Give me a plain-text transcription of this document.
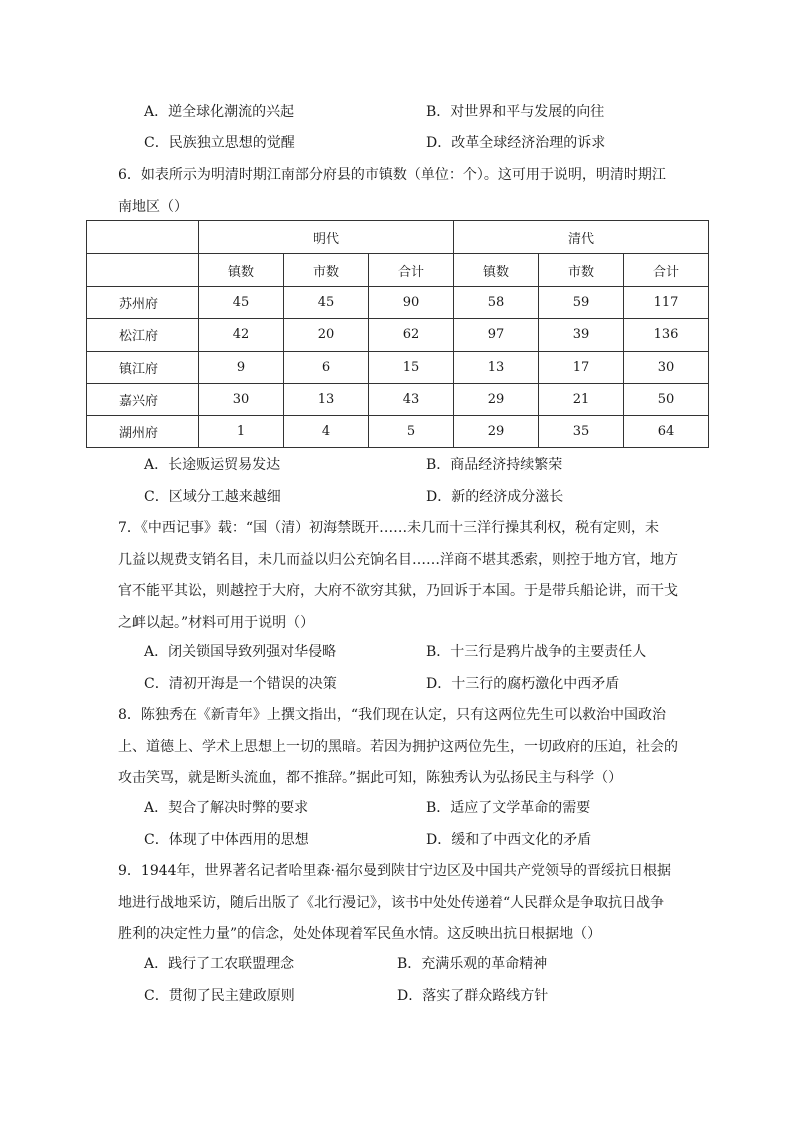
A．逆全球化潮流的兴起	B．对世界和平与发展的向往
C．民族独立思想的觉醒	D．改革全球经济治理的诉求
6．如表所示为明清时期江南部分府县的市镇数（单位：个）。这可用于说明，明清时期江
南地区（）
	明代			清代		
	镇数	市数	合计	镇数	市数	合计
苏州府	45	45	90	58	59	117
松江府	42	20	62	97	39	136
镇江府	9	6	15	13	17	30
嘉兴府	30	13	43	29	21	50
湖州府	1	4	5	29	35	64
A．长途贩运贸易发达	B．商品经济持续繁荣
C．区域分工越来越细	D．新的经济成分滋长
7．《中西记事》载：“国（清）初海禁既开……未几而十三洋行操其利权，税有定则，未
几益以规费支销名目，未几而益以归公充饷名目……洋商不堪其悉索，则控于地方官，地方
官不能平其讼，则越控于大府，大府不欲穷其狱，乃回诉于本国。于是带兵船论讲，而干戈
之衅以起。”材料可用于说明（）
A．闭关锁国导致列强对华侵略	B．十三行是鸦片战争的主要责任人
C．清初开海是一个错误的决策	D．十三行的腐朽激化中西矛盾
8．陈独秀在《新青年》上撰文指出，“我们现在认定，只有这两位先生可以救治中国政治
上、道德上、学术上思想上一切的黑暗。若因为拥护这两位先生，一切政府的压迫，社会的
攻击笑骂，就是断头流血，都不推辞。”据此可知，陈独秀认为弘扬民主与科学（）
A．契合了解决时弊的要求	B．适应了文学革命的需要
C．体现了中体西用的思想	D．缓和了中西文化的矛盾
9．1944年，世界著名记者哈里森·福尔曼到陕甘宁边区及中国共产党领导的晋绥抗日根据
地进行战地采访，随后出版了《北行漫记》，该书中处处传递着“人民群众是争取抗日战争
胜利的决定性力量”的信念，处处体现着军民鱼水情。这反映出抗日根据地（）
A．践行了工农联盟理念	B．充满乐观的革命精神
C．贯彻了民主建政原则	D．落实了群众路线方针
